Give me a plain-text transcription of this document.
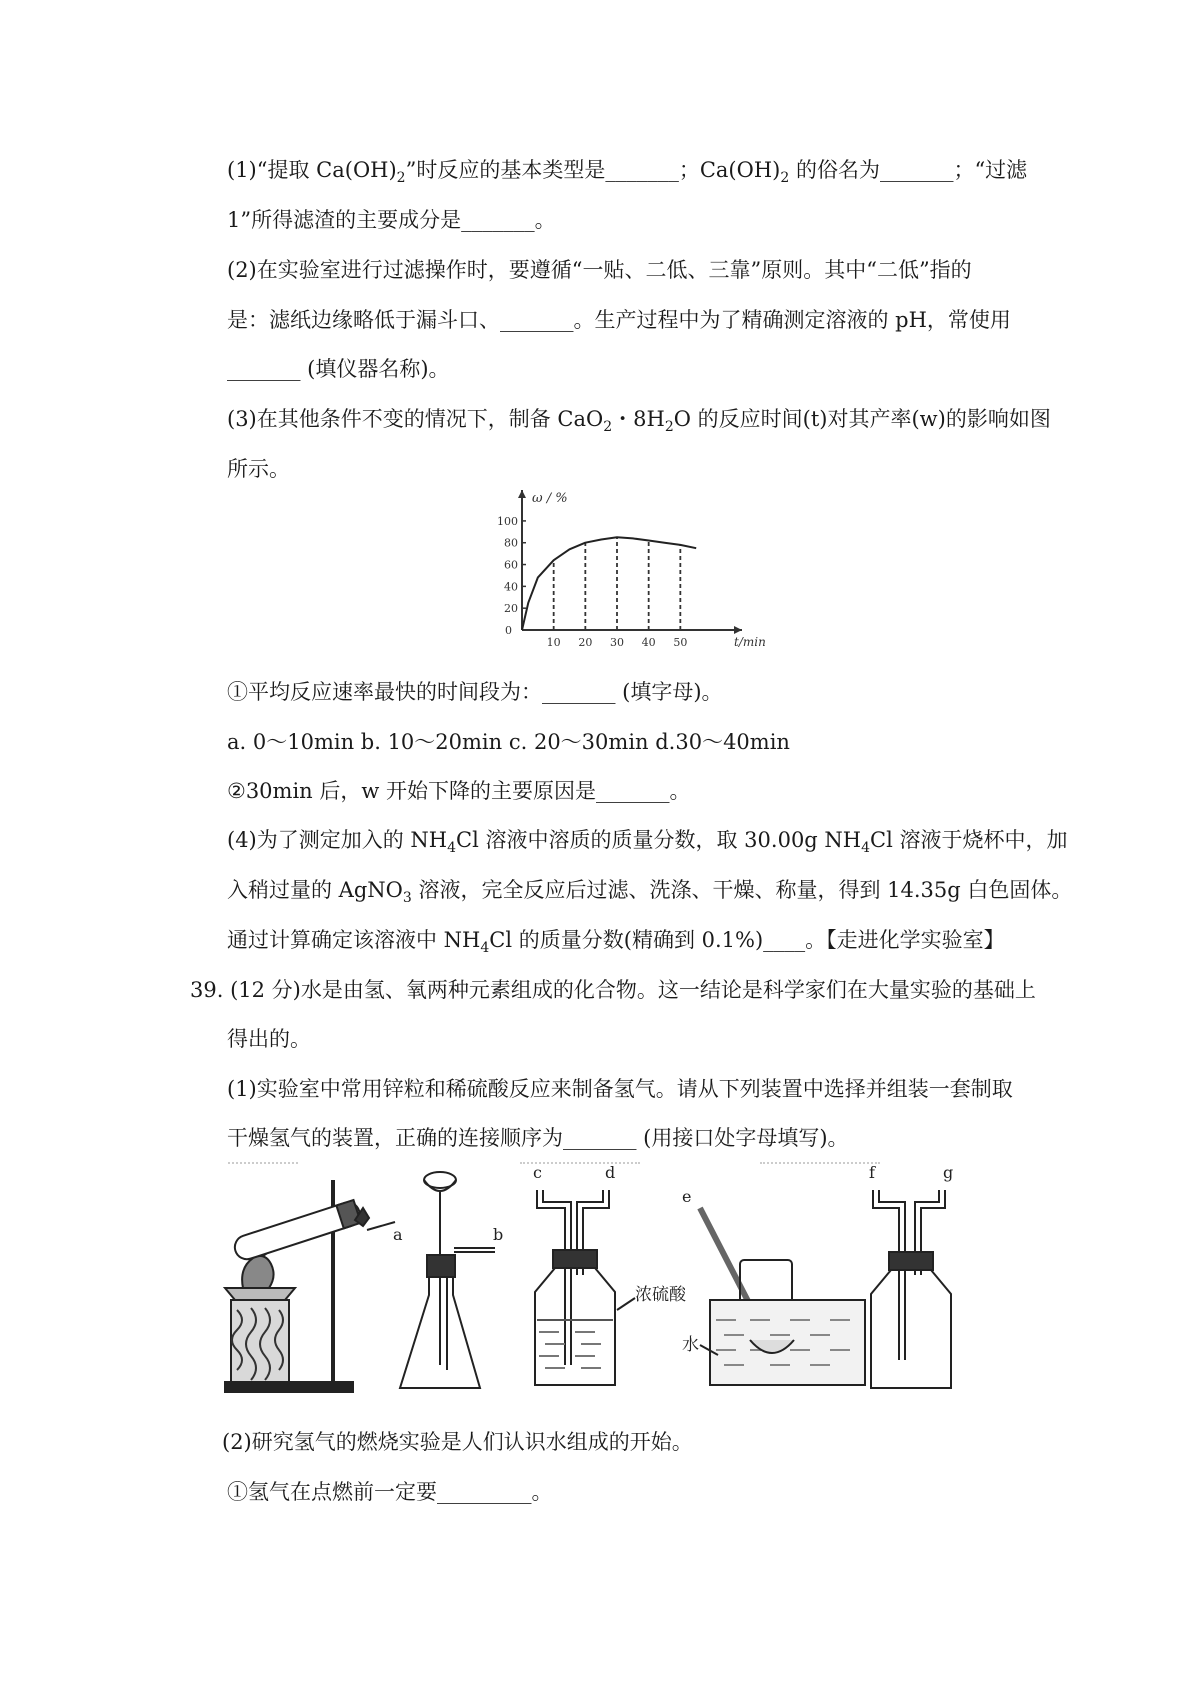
(1)“提取 $Ca(OH)_2$”时反应的基本类型是_______；$Ca(OH)_2$ 的俗名为_______；“过滤
1”所得滤渣的主要成分是_______。
(2)在实验室进行过滤操作时，要遵循“一贴、二低、三靠”原则。其中“二低”指的
是：滤纸边缘略低于漏斗口、_______。生产过程中为了精确测定溶液的 pH，常使用
_______ (填仪器名称)。
(3)在其他条件不变的情况下，制备 CaO$_2$・$8H_2O$ 的反应时间(t)对其产率(w)的影响如图
所示。
20
40
60
80
100
0
10 20 30 40 50
ω / %
t/min
①平均反应速率最快的时间段为：_______ (填字母)。
a. 0～10min b. 10～20min c. 20～30min d.30～40min
②30min 后，w 开始下降的主要原因是_______。
(4)为了测定加入的 $NH_4Cl$ 溶液中溶质的质量分数，取 30.00g $NH_4Cl$ 溶液于烧杯中，加
入稍过量的 AgNO$_3$ 溶液，完全反应后过滤、洗涤、干燥、称量，得到 14.35g 白色固体。
通过计算确定该溶液中 $NH_4Cl$ 的质量分数(精确到 0.1%)____。【走进化学实验室】
39. (12 分)水是由氢、氧两种元素组成的化合物。这一结论是科学家们在大量实验的基础上
得出的。
(1)实验室中常用锌粒和稀硫酸反应来制备氢气。请从下列装置中选择并组装一套制取
干燥氢气的装置，正确的连接顺序为_______ (用接口处字母填写)。
a	b
c	d
浓硫酸
e
水
f	g
(2)研究氢气的燃烧实验是人们认识水组成的开始。
①氢气在点燃前一定要_________。
